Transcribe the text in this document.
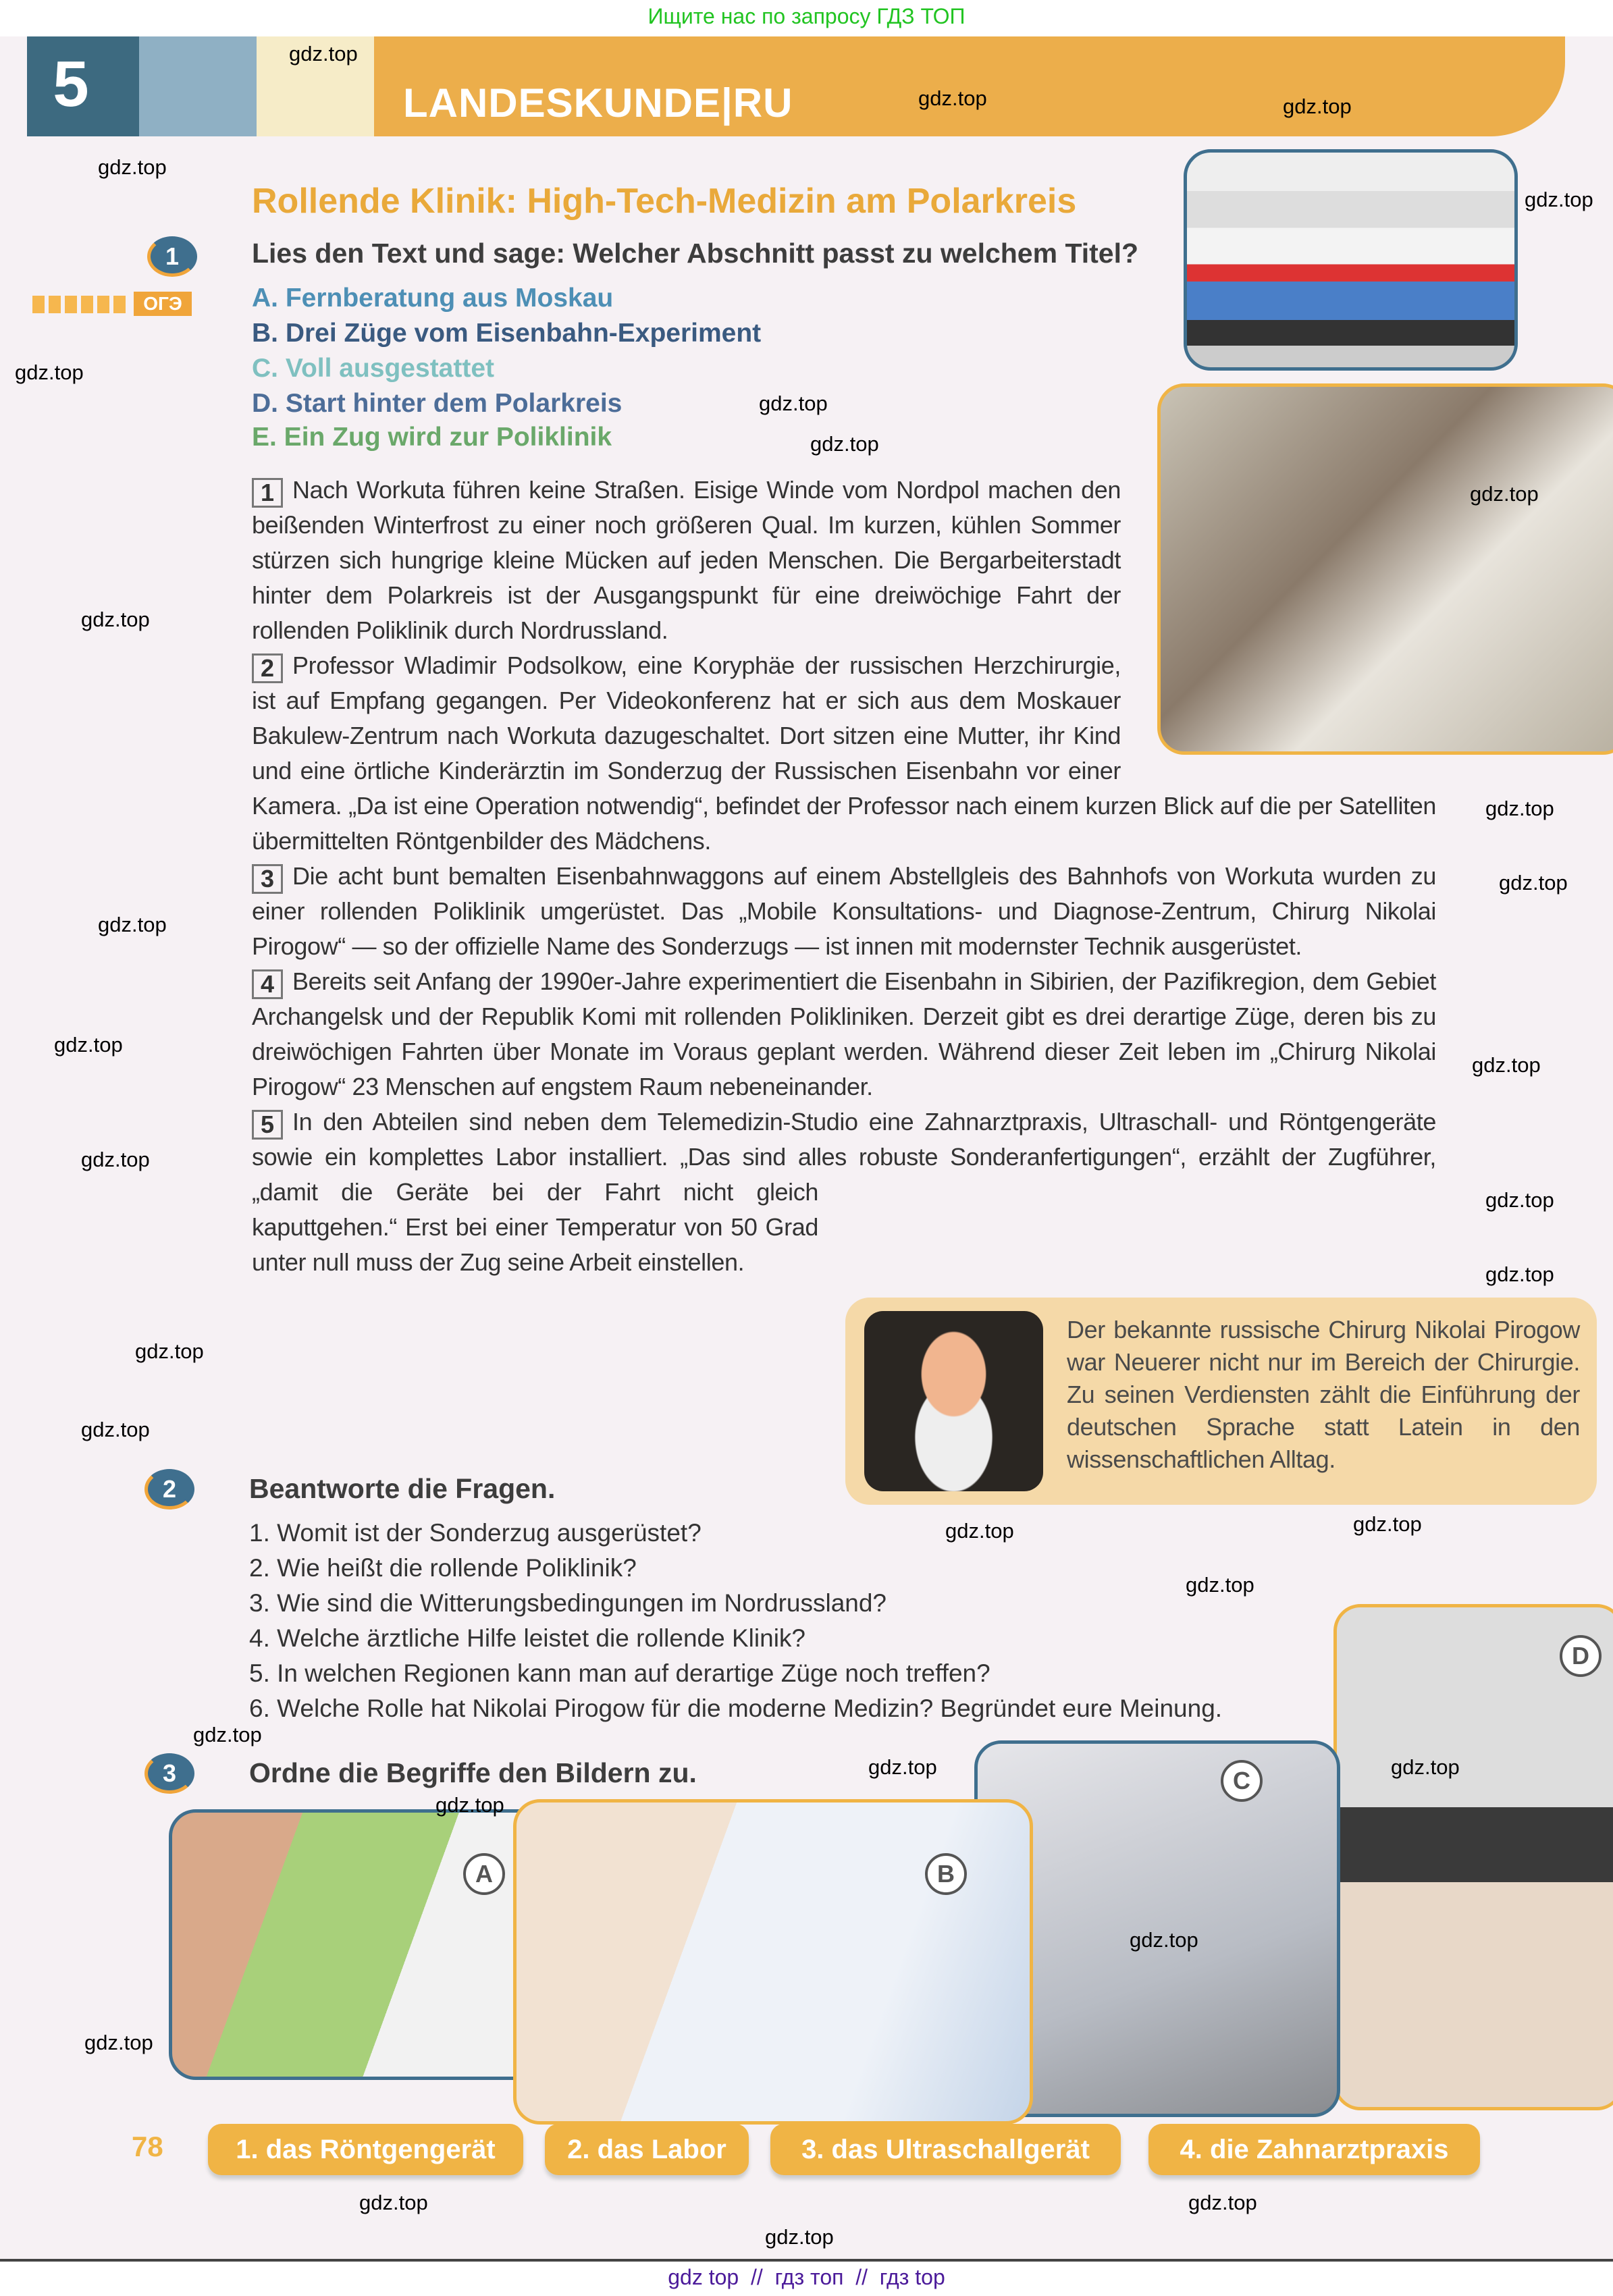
Ищите нас по запросу ГДЗ ТОП
5	LANDESKUNDE|RU
Rollende Klinik: High-Tech-Medizin am Polarkreis
1
ОГЭ
Lies den Text und sage: Welcher Abschnitt passt zu welchem Titel?
A. Fernberatung aus Moskau
B. Drei Züge vom Eisenbahn-Experiment
C. Voll ausgestattet
D. Start hinter dem Polarkreis
E. Ein Zug wird zur Poliklinik

1 Nach Workuta führen keine Straßen. Eisige Winde vom Nordpol machen den beißenden Winterfrost zu einer noch größeren Qual. Im kurzen, kühlen Sommer stürzen sich hungrige kleine Mücken auf jeden Menschen. Die Bergarbeiterstadt hinter dem Polarkreis ist der Ausgangspunkt für eine dreiwöchige Fahrt der rollenden Poliklinik durch Nordrussland.

2 Professor Wladimir Podsolkow, eine Koryphäe der russischen Herzchirurgie, ist auf Empfang gegangen. Per Videokonferenz hat er sich aus dem Moskauer Bakulew-Zentrum nach Workuta dazugeschaltet. Dort sitzen eine Mutter, ihr Kind und eine örtliche Kinderärztin im Sonderzug der Russischen Eisenbahn vor einer Kamera. „Da ist eine Operation notwendig“, befindet der Professor nach einem kurzen Blick auf die per Satelliten übermittelten Röntgenbilder des Mädchens.

3 Die acht bunt bemalten Eisenbahnwaggons auf einem Abstellgleis des Bahnhofs von Workuta wurden zu einer rollenden Poliklinik umgerüstet. Das „Mobile Konsultations- und Diagnose-Zentrum, Chirurg Nikolai Pirogow“ — so der offizielle Name des Sonderzugs — ist innen mit modernster Technik ausgerüstet.

4 Bereits seit Anfang der 1990er-Jahre experimentiert die Eisenbahn in Sibirien, der Pazifikregion, dem Gebiet Archangelsk und der Republik Komi mit rollenden Polikliniken. Derzeit gibt es drei derartige Züge, deren bis zu dreiwöchigen Fahrten über Monate im Voraus geplant werden. Während dieser Zeit leben im „Chirurg Nikolai Pirogow“ 23 Menschen auf engstem Raum nebeneinander.

5 In den Abteilen sind neben dem Telemedizin-Studio eine Zahnarztpraxis, Ultraschall- und Röntgengeräte sowie ein komplettes Labor installiert. „Das sind alles robuste Sonderanfertigungen“, erzählt der Zugführer, „damit die Geräte bei der Fahrt nicht gleich kaputtgehen.“ Erst bei einer Temperatur von 50 Grad unter null muss der Zug seine Arbeit einstellen.

Der bekannte russische Chirurg Nikolai Pirogow war Neuerer nicht nur im Bereich der Chirurgie. Zu seinen Verdiensten zählt die Einführung der deutschen Sprache statt Latein in den wissenschaftlichen Alltag.
2	Beantworte die Fragen.
1. Womit ist der Sonderzug ausgerüstet?
2. Wie heißt die rollende Poliklinik?
3. Wie sind die Witterungsbedingungen im Nordrussland?
4. Welche ärztliche Hilfe leistet die rollende Klinik?
5. In welchen Regionen kann man auf derartige Züge noch treffen?
6. Welche Rolle hat Nikolai Pirogow für die moderne Medizin? Begründet eure Meinung.
3	Ordne die Begriffe den Bildern zu.
A	B
C
D
78	1. das Röntgengerät	2. das Labor	3. das Ultraschallgerät	4. die Zahnarztpraxis
gdz top  //  гдз топ  //  гдз top
gdz.top
gdz.top
gdz.top
gdz.top
gdz.top
gdz.top
gdz.top
gdz.top
gdz.top
gdz.top
gdz.top
gdz.top
gdz.top
gdz.top
gdz.top
gdz.top
gdz.top
gdz.top
gdz.top
gdz.top
gdz.top	gdz.top
gdz.top
gdz.top
gdz.top
gdz.top
gdz.top
gdz.top
gdz.top
gdz.top
gdz.top
gdz.top
